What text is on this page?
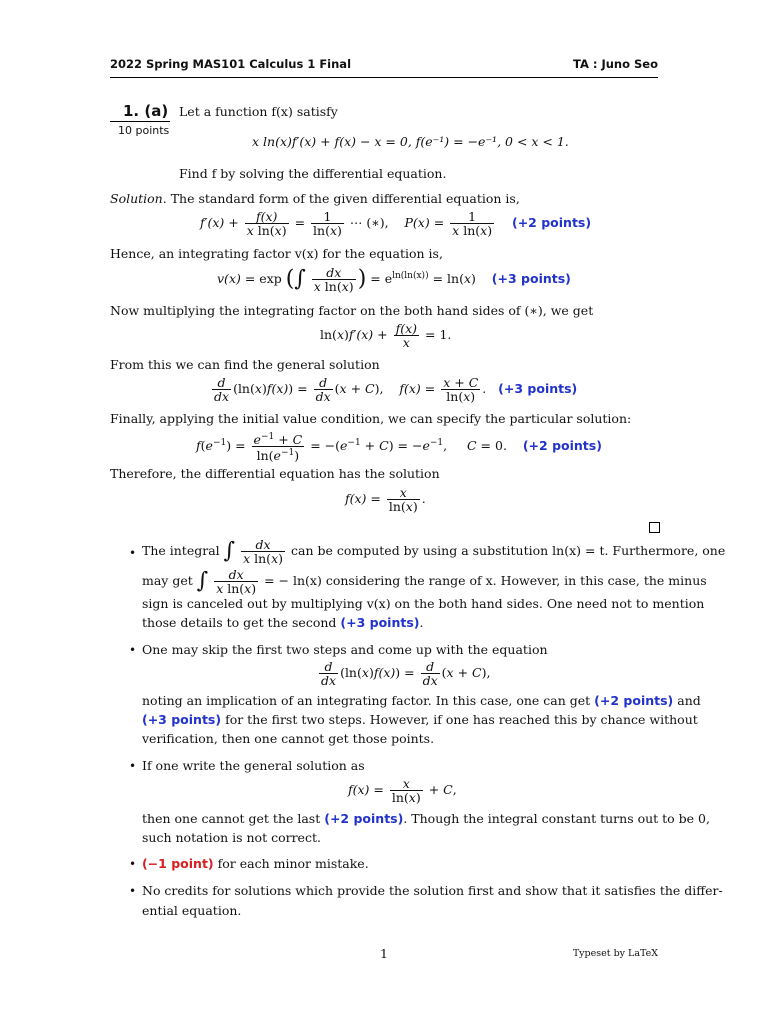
2022 Spring MAS101 Calculus 1 Final	TA : Juno Seo
1. (a)
10 points
Let a function f(x) satisfy
x ln(x)f′(x) + f(x) − x = 0, f(e⁻¹) = −e⁻¹, 0 < x < 1.
Find f by solving the differential equation.
Solution. The standard form of the given differential equation is,
$f'(x) + \frac{f(x)}{\text{x ln(x)}} = \frac{1}{\ln(x)}$ ⋯ (∗),    $P(x) = \frac{1}{\text{x ln(x)}} (+2$ points)
Hence, an integrating factor v(x) for the equation is,
v(x) = exp (∫ $\frac{dx}{\text{x ln(x)}}$ ) = $e^{ln(ln(x))} = \ln(x)$    (+3 points)
Now multiplying the integrating factor on the both hand sides of (∗), we get
$\ln(x)f'(x) + \frac{f(x)}{x} = 1$.
From this we can find the general solution
$\frac{d}{dx} (\ln(x)f(x)) = \frac{d}{dx} (x + C)$,    $f(x) = \frac{x + C}{\ln(x)}$ .   (+3 points)
Finally, applying the initial value condition, we can specify the particular solution:
$f(e^{-1}) = \frac{e^{-1} + C}{\ln(e^{-1})} = -(e^{-1} + C) = -e^{-1}$,     C = 0.    (+2 points)
Therefore, the differential equation has the solution
$f(x) = \frac{x}{\ln(x)}$ .
• The integral ∫ $\frac{dx}{\text{x ln(x)}}$ can be computed by using a substitution ln(x) = t. Furthermore, one
may get ∫ $\frac{dx}{\text{x ln(x)}}$ = − ln(x) considering the range of x. However, in this case, the minus
sign is canceled out by multiplying v(x) on the both hand sides. One need not to mention
those details to get the second (+3 points).
• One may skip the first two steps and come up with the equation
$\frac{d}{dx} (\ln(x)f(x)) = \frac{d}{dx} (x + C)$,
noting an implication of an integrating factor. In this case, one can get (+2 points) and
(+3 points) for the first two steps. However, if one has reached this by chance without
verification, then one cannot get those points.
• If one write the general solution as
$f(x) = \frac{x}{\ln(x)} + C$,
then one cannot get the last (+2 points). Though the integral constant turns out to be 0,
such notation is not correct.
• (−1 point) for each minor mistake.
• No credits for solutions which provide the solution first and show that it satisfies the differ-
ential equation.
1	Typeset by LaTeX
